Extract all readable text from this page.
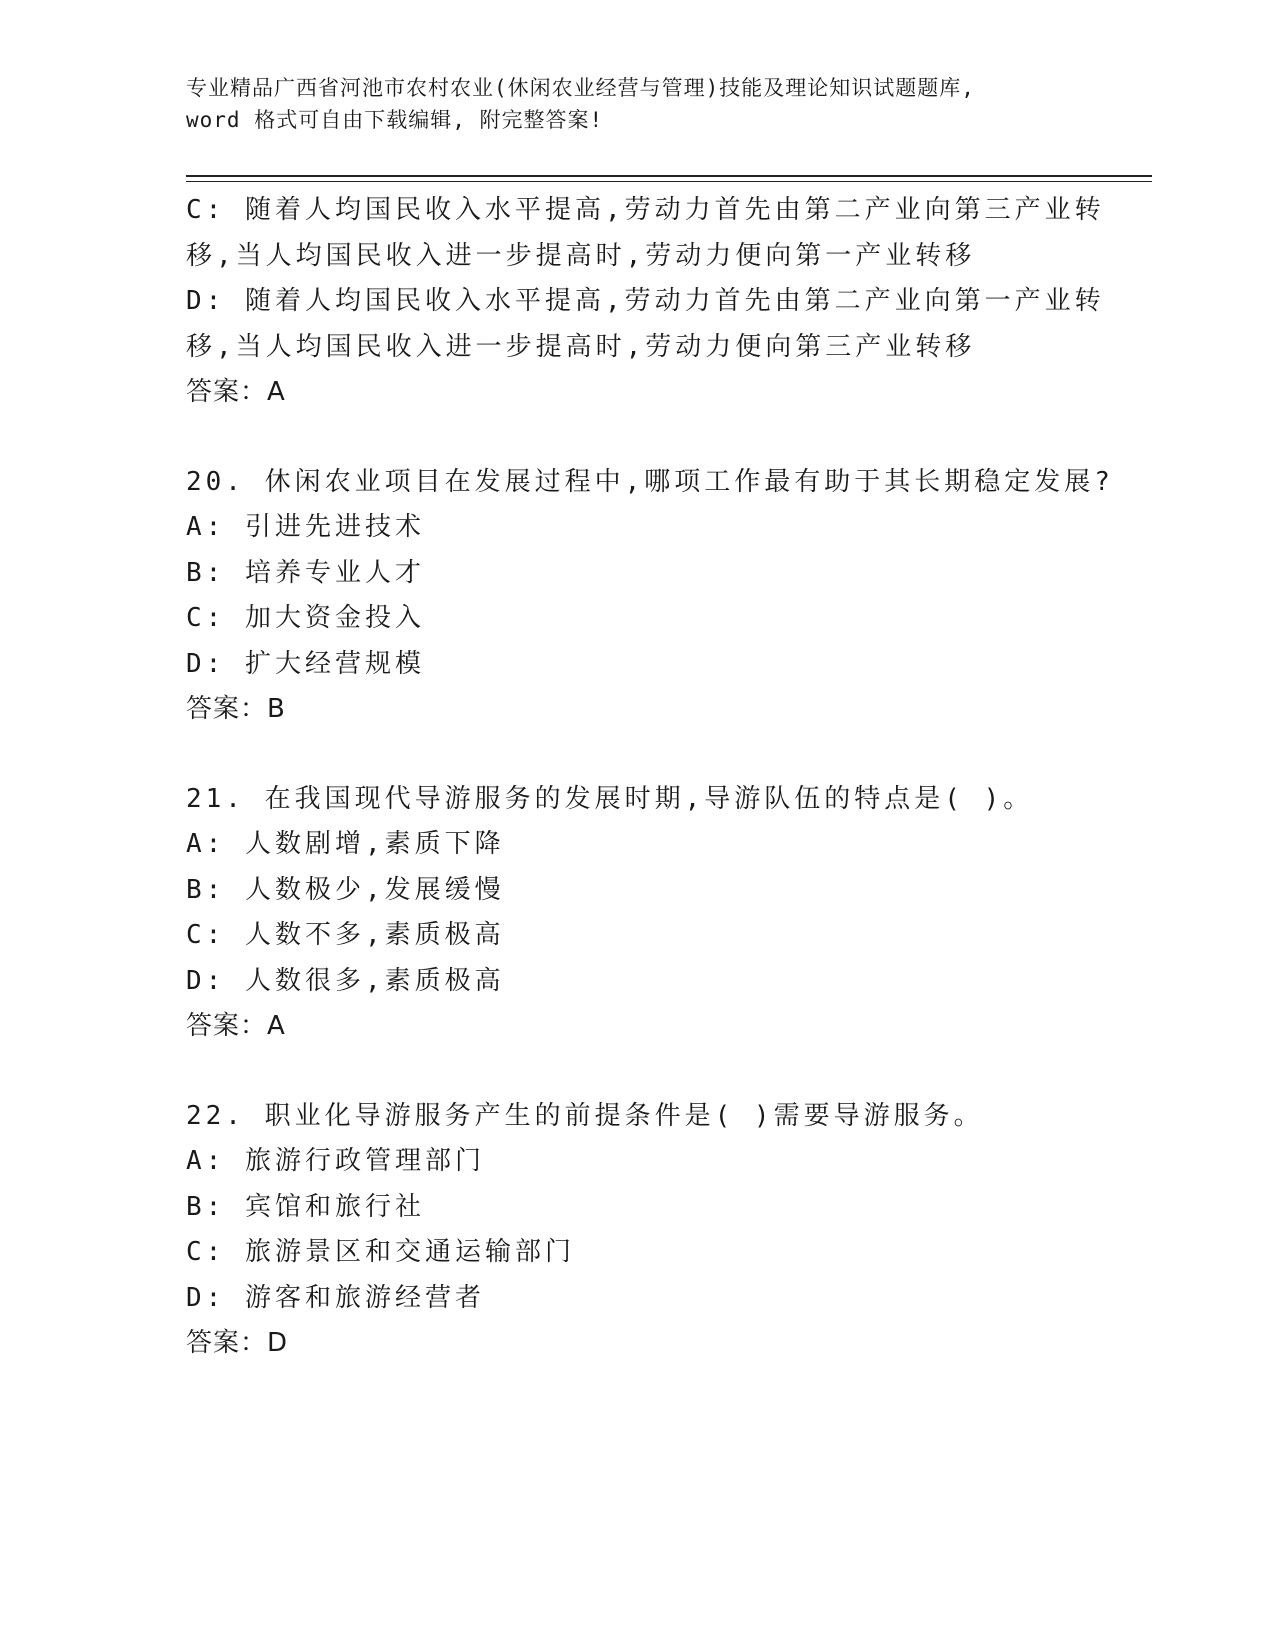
专业精品广西省河池市农村农业(休闲农业经营与管理)技能及理论知识试题题库,
word 格式可自由下载编辑, 附完整答案!
C: 随着人均国民收入水平提高,劳动力首先由第二产业向第三产业转
移,当人均国民收入进一步提高时,劳动力便向第一产业转移
D: 随着人均国民收入水平提高,劳动力首先由第二产业向第一产业转
移,当人均国民收入进一步提高时,劳动力便向第三产业转移
答案：A
20. 休闲农业项目在发展过程中,哪项工作最有助于其长期稳定发展?
A: 引进先进技术
B: 培养专业人才
C: 加大资金投入
D: 扩大经营规模
答案：B
21. 在我国现代导游服务的发展时期,导游队伍的特点是( )。
A: 人数剧增,素质下降
B: 人数极少,发展缓慢
C: 人数不多,素质极高
D: 人数很多,素质极高
答案：A
22. 职业化导游服务产生的前提条件是( )需要导游服务。
A: 旅游行政管理部门
B: 宾馆和旅行社
C: 旅游景区和交通运输部门
D: 游客和旅游经营者
答案：D
